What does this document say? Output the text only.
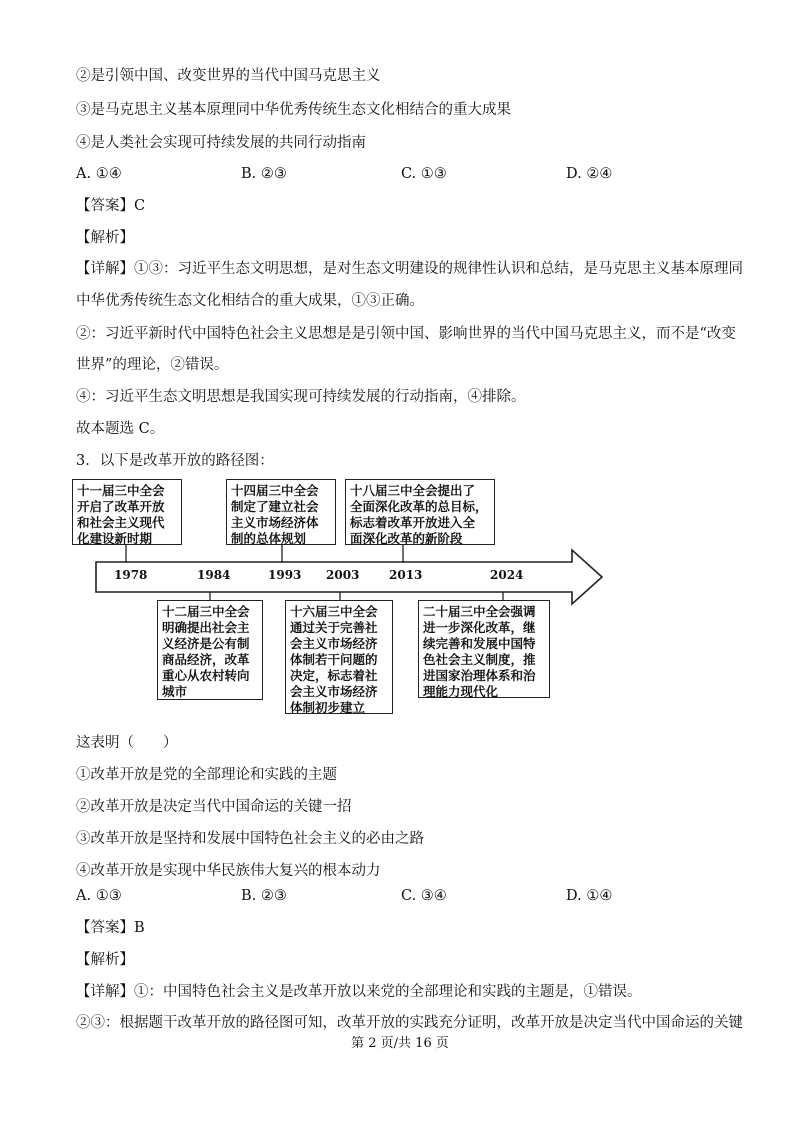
②是引领中国、改变世界的当代中国马克思主义
③是马克思主义基本原理同中华优秀传统生态文化相结合的重大成果
④是人类社会实现可持续发展的共同行动指南
A. ①④	B. ②③	C. ①③	D. ②④
【答案】C
【解析】
【详解】①③：习近平生态文明思想，是对生态文明建设的规律性认识和总结，是马克思主义基本原理同
中华优秀传统生态文化相结合的重大成果，①③正确。
②：习近平新时代中国特色社会主义思想是是引领中国、影响世界的当代中国马克思主义，而不是“改变
世界”的理论，②错误。
④：习近平生态文明思想是我国实现可持续发展的行动指南，④排除。
故本题选 C。
3．以下是改革开放的路径图：
1978	1984	1993 2003 2013	2024
十一届三中全会
开启了改革开放
和社会主义现代
化建设新时期
十四届三中全会
制定了建立社会
主义市场经济体
制的总体规划
十八届三中全会提出了
全面深化改革的总目标，
标志着改革开放进入全
面深化改革的新阶段
十二届三中全会
明确提出社会主
义经济是公有制
商品经济，改革
重心从农村转向
城市
十六届三中全会
通过关于完善社
会主义市场经济
体制若干问题的
决定，标志着社
会主义市场经济
体制初步建立
二十届三中全会强调
进一步深化改革，继
续完善和发展中国特
色社会主义制度，推
进国家治理体系和治
理能力现代化
这表明（　　）
①改革开放是党的全部理论和实践的主题
②改革开放是决定当代中国命运的关键一招
③改革开放是坚持和发展中国特色社会主义的必由之路
④改革开放是实现中华民族伟大复兴的根本动力
A. ①③	B. ②③	C. ③④	D. ①④
【答案】B
【解析】
【详解】①：中国特色社会主义是改革开放以来党的全部理论和实践的主题是，①错误。
②③：根据题干改革开放的路径图可知，改革开放的实践充分证明，改革开放是决定当代中国命运的关键
第 2 页/共 16 页
